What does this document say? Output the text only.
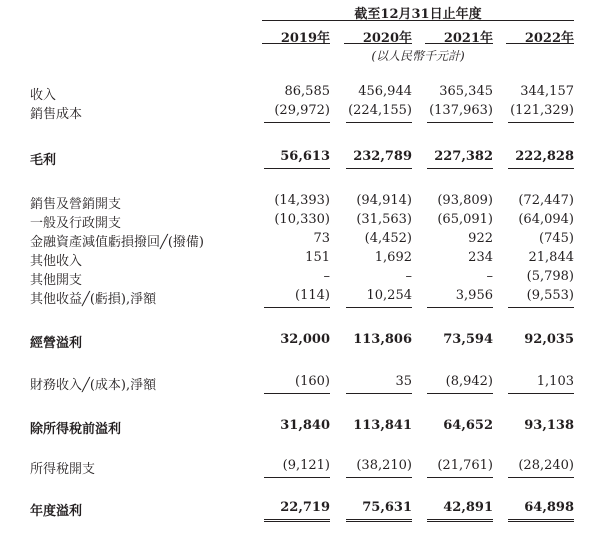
截至12月31日止年度
2019年	2020年	2021年	2022年
(以人民幣千元計)
收入	86,585	456,944	365,345	344,157
銷售成本	(29,972)	(224,155)	(137,963)	(121,329)
毛利	56,613	232,789	227,382	222,828
銷售及營銷開支	(14,393)	(94,914)	(93,809)	(72,447)
一般及行政開支	(10,330)	(31,563)	(65,091)	(64,094)
金融資產減值虧損撥回╱(撥備)	73	(4,452)	922	(745)
其他收入	151	1,692	234	21,844
其他開支	–	–	–	(5,798)
其他收益╱(虧損),淨額	(114)	10,254	3,956	(9,553)
經營溢利	32,000	113,806	73,594	92,035
財務收入╱(成本),淨額	(160)	35	(8,942)	1,103
除所得稅前溢利	31,840	113,841	64,652	93,138
所得稅開支	(9,121)	(38,210)	(21,761)	(28,240)
年度溢利	22,719	75,631	42,891	64,898
